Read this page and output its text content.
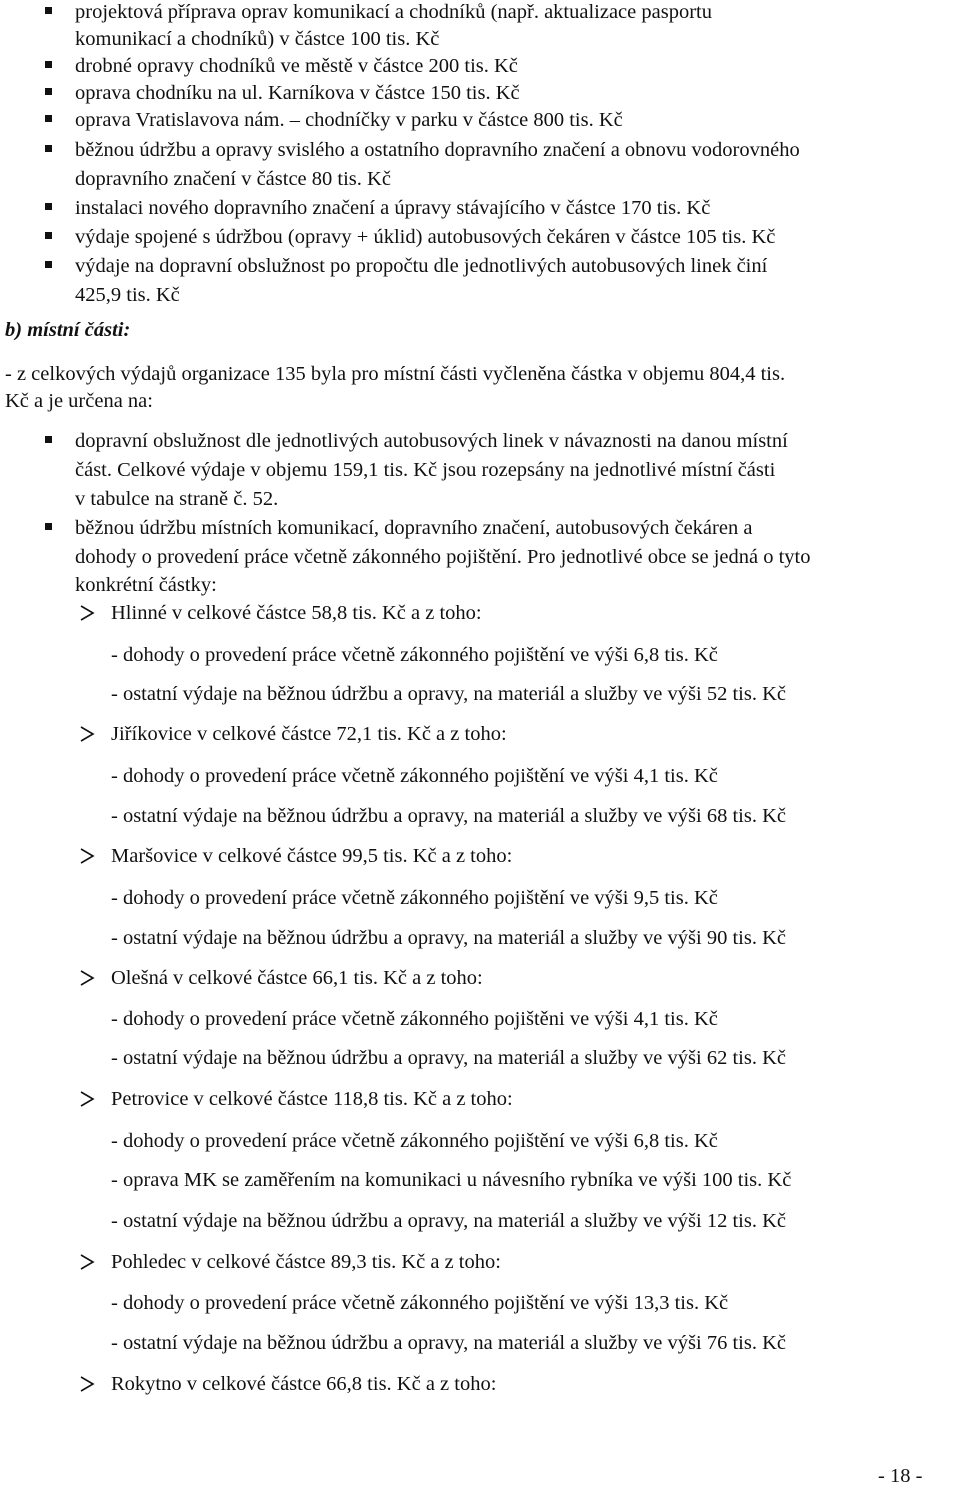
projektová příprava oprav komunikací a chodníků (např. aktualizace pasportu
komunikací a chodníků) v částce 100 tis. Kč
drobné opravy chodníků ve městě v částce 200 tis. Kč
oprava chodníku na ul. Karníkova v částce 150 tis. Kč
oprava Vratislavova nám. – chodníčky v parku v částce 800 tis. Kč
běžnou údržbu a opravy svislého a ostatního dopravního značení a obnovu vodorovného
dopravního značení v částce 80 tis. Kč
instalaci nového dopravního značení a úpravy stávajícího v částce 170 tis. Kč
výdaje spojené s údržbou (opravy + úklid) autobusových čekáren v částce 105 tis. Kč
výdaje na dopravní obslužnost po propočtu dle jednotlivých autobusových linek činí
425,9 tis. Kč
b) místní části:
- z celkových výdajů organizace 135 byla pro místní části vyčleněna částka v objemu 804,4 tis.
Kč a je určena na:
dopravní obslužnost dle jednotlivých autobusových linek v návaznosti na danou místní
část. Celkové výdaje v objemu 159,1 tis. Kč jsou rozepsány na jednotlivé místní části
v tabulce na straně č. 52.
běžnou údržbu místních komunikací, dopravního značení, autobusových čekáren a
dohody o provedení práce včetně zákonného pojištění. Pro jednotlivé obce se jedná o tyto
konkrétní částky:
Hlinné v celkové částce 58,8 tis. Kč a z toho:
- dohody o provedení práce včetně zákonného pojištění ve výši 6,8 tis. Kč
- ostatní výdaje na běžnou údržbu a opravy, na materiál a služby ve výši 52 tis. Kč
Jiříkovice v celkové částce 72,1 tis. Kč a z toho:
- dohody o provedení práce včetně zákonného pojištění ve výši 4,1 tis. Kč
- ostatní výdaje na běžnou údržbu a opravy, na materiál a služby ve výši 68 tis. Kč
Maršovice v celkové částce 99,5 tis. Kč a z toho:
- dohody o provedení práce včetně zákonného pojištění ve výši 9,5 tis. Kč
- ostatní výdaje na běžnou údržbu a opravy, na materiál a služby ve výši 90 tis. Kč
Olešná v celkové částce 66,1 tis. Kč a z toho:
- dohody o provedení práce včetně zákonného pojištěni ve výši 4,1 tis. Kč
- ostatní výdaje na běžnou údržbu a opravy, na materiál a služby ve výši 62 tis. Kč
Petrovice v celkové částce 118,8 tis. Kč a z toho:
- dohody o provedení práce včetně zákonného pojištění ve výši 6,8 tis. Kč
- oprava MK se zaměřením na komunikaci u návesního rybníka ve výši 100 tis. Kč
- ostatní výdaje na běžnou údržbu a opravy, na materiál a služby ve výši 12 tis. Kč
Pohledec v celkové částce 89,3 tis. Kč a z toho:
- dohody o provedení práce včetně zákonného pojištění ve výši 13,3 tis. Kč
- ostatní výdaje na běžnou údržbu a opravy, na materiál a služby ve výši 76 tis. Kč
Rokytno v celkové částce 66,8 tis. Kč a z toho:
- 18 -
